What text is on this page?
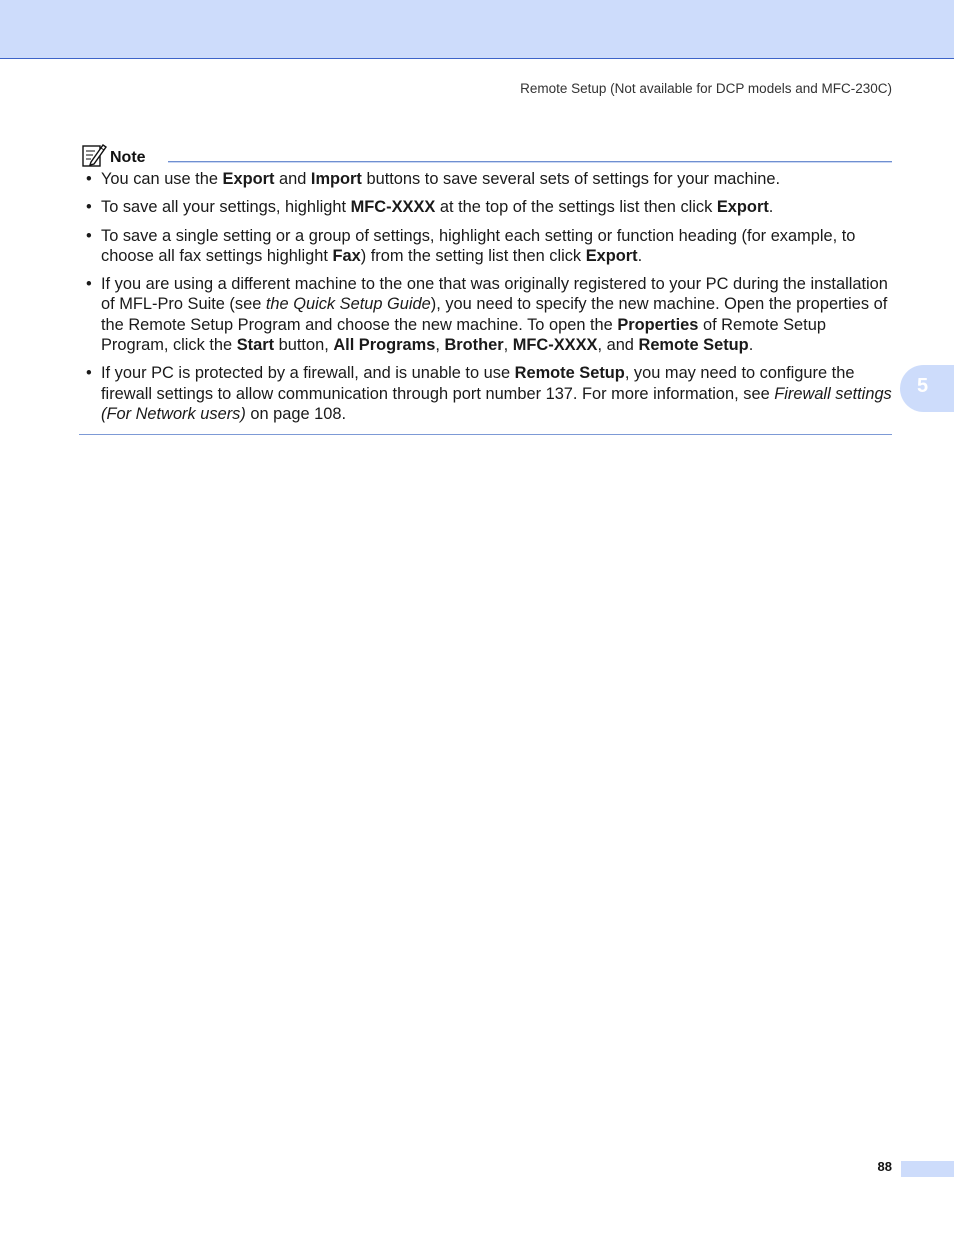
Remote Setup (Not available for DCP models and MFC-230C)
Note
• You can use the Export and Import buttons to save several sets of settings for your machine.
• To save all your settings, highlight MFC-XXXX at the top of the settings list then click Export.
• To save a single setting or a group of settings, highlight each setting or function heading (for example, to choose all fax settings highlight Fax) from the setting list then click Export.
• If you are using a different machine to the one that was originally registered to your PC during the installation of MFL-Pro Suite (see the Quick Setup Guide), you need to specify the new machine. Open the properties of the Remote Setup Program and choose the new machine. To open the Properties of Remote Setup Program, click the Start button, All Programs, Brother, MFC-XXXX, and Remote Setup.
• If your PC is protected by a firewall, and is unable to use Remote Setup, you may need to configure the firewall settings to allow communication through port number 137. For more information, see Firewall settings (For Network users) on page 108.
5
88
